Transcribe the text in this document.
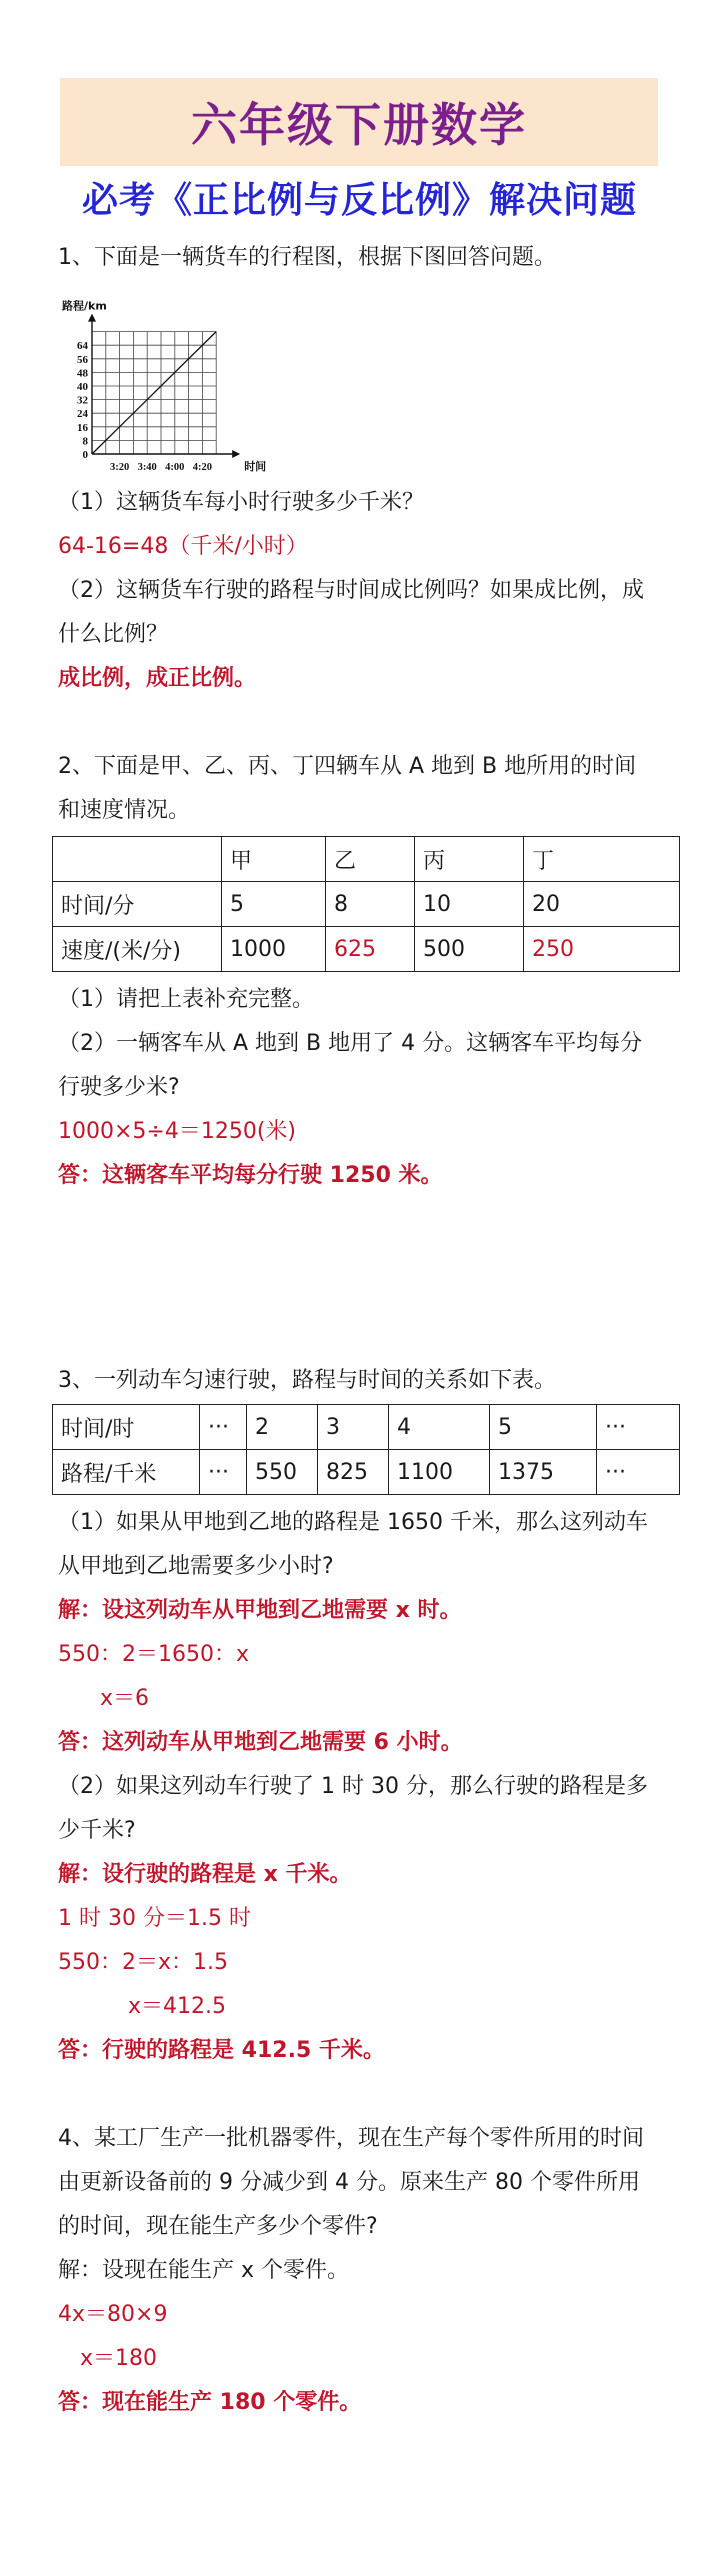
六年级下册数学
必考《正比例与反比例》解决问题
1、下面是一辆货车的行程图，根据下图回答问题。
0
8
16
24
32
40
48
56
64
3:20 3:40 4:00 4:20
路程/km
时间
（1）这辆货车每小时行驶多少千米？
64-16=48（千米/小时）
（2）这辆货车行驶的路程与时间成比例吗？如果成比例，成
什么比例？
成比例，成正比例。
2、下面是甲、乙、丙、丁四辆车从 A 地到 B 地所用的时间
和速度情况。
	甲	乙	丙	丁
时间/分	5	8	10	20
速度/(米/分)	1000	625	500	250
（1）请把上表补充完整。
（2）一辆客车从 A 地到 B 地用了 4 分。这辆客车平均每分
行驶多少米?
1000×5÷4＝1250(米)
答：这辆客车平均每分行驶 1250 米。
3、一列动车匀速行驶，路程与时间的关系如下表。
时间/时	···	2	3	4	5	···
路程/千米	···	550	825	1100	1375	···
（1）如果从甲地到乙地的路程是 1650 千米，那么这列动车
从甲地到乙地需要多少小时?
解：设这列动车从甲地到乙地需要 x 时。
550：2＝1650：x
x＝6
答：这列动车从甲地到乙地需要 6 小时。
（2）如果这列动车行驶了 1 时 30 分，那么行驶的路程是多
少千米?
解：设行驶的路程是 x 千米。
1 时 30 分＝1.5 时
550：2＝x：1.5
x＝412.5
答：行驶的路程是 412.5 千米。
4、某工厂生产一批机器零件，现在生产每个零件所用的时间
由更新设备前的 9 分减少到 4 分。原来生产 80 个零件所用
的时间，现在能生产多少个零件?
解：设现在能生产 x 个零件。
4x＝80×9
x＝180
答：现在能生产 180 个零件。
